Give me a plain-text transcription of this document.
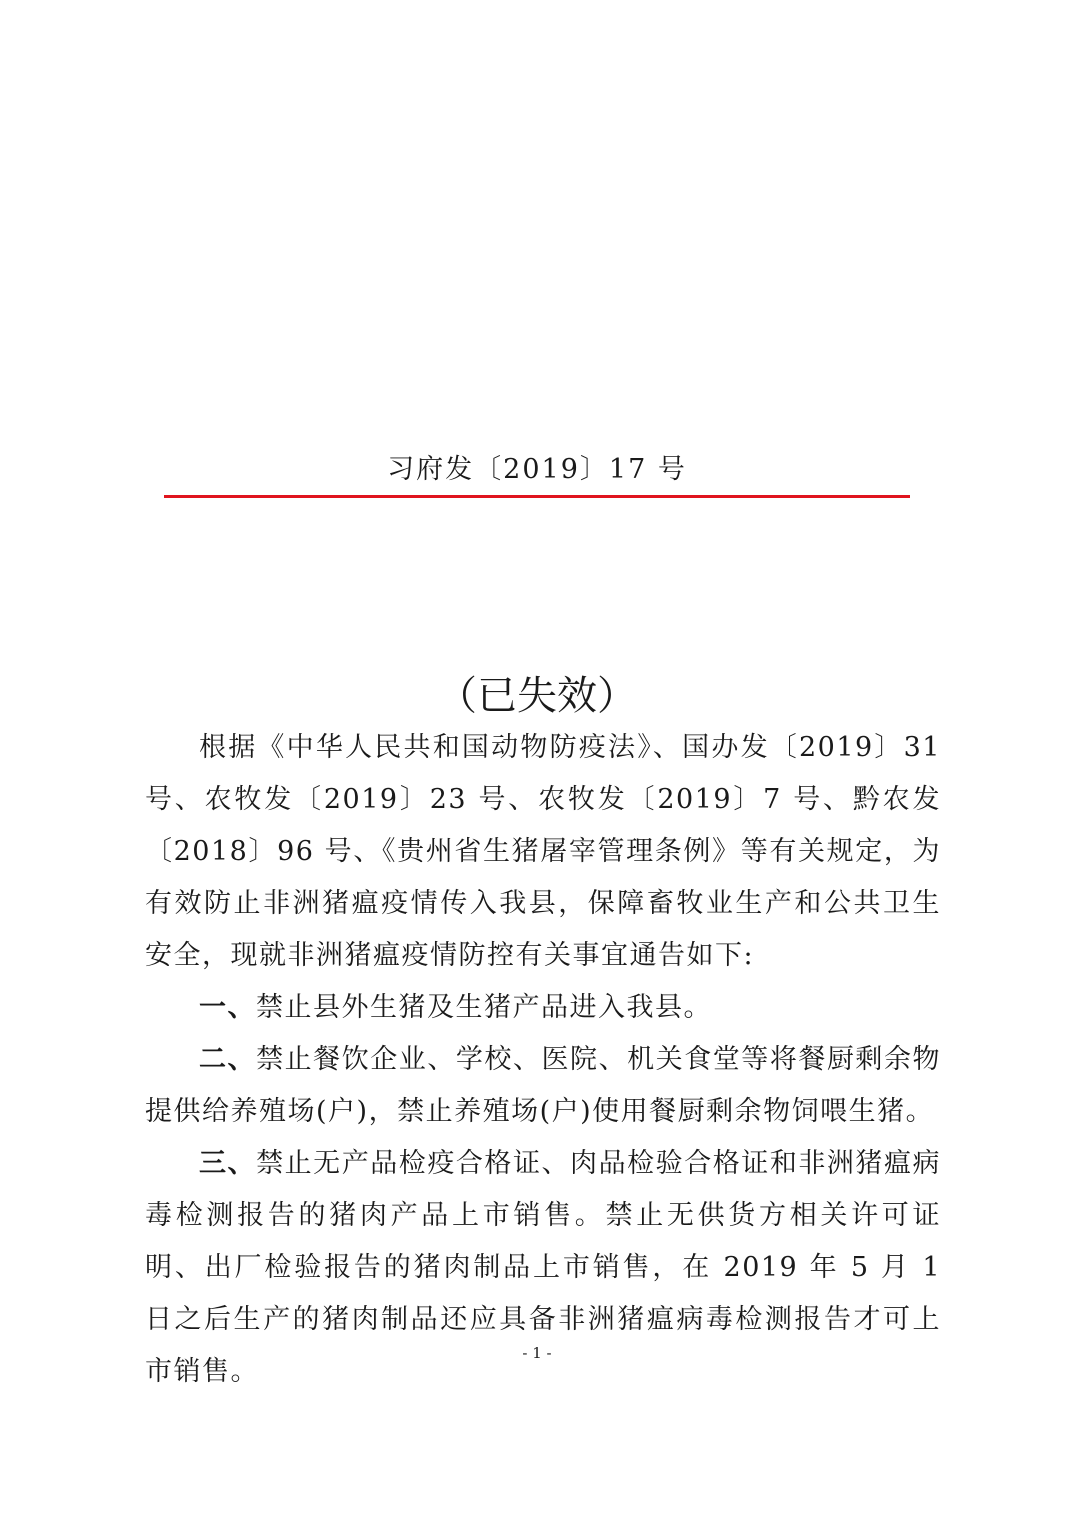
习府发〔2019〕17 号
（已失效）

根据《中华人民共和国动物防疫法》、国办发〔2019〕31 号、农牧发〔2019〕23 号、农牧发〔2019〕7 号、黔农发〔2018〕96 号、《贵州省生猪屠宰管理条例》等有关规定，为有效防止非洲猪瘟疫情传入我县，保障畜牧业生产和公共卫生安全，现就非洲猪瘟疫情防控有关事宜通告如下:

一、禁止县外生猪及生猪产品进入我县。

二、禁止餐饮企业、学校、医院、机关食堂等将餐厨剩余物提供给养殖场(户)，禁止养殖场(户)使用餐厨剩余物饲喂生猪。

三、禁止无产品检疫合格证、肉品检验合格证和非洲猪瘟病毒检测报告的猪肉产品上市销售。禁止无供货方相关许可证明、出厂检验报告的猪肉制品上市销售，在 2019 年 5 月 1 日之后生产的猪肉制品还应具备非洲猪瘟病毒检测报告才可上市销售。

- 1 -
